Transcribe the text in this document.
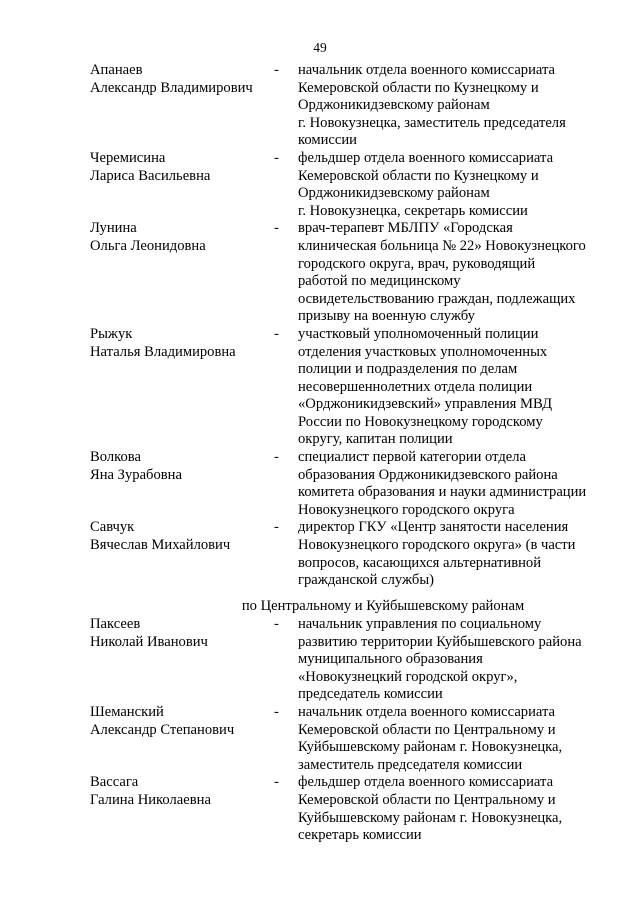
49
Апанаев
Александр Владимирович
-	начальник отдела военного комиссариата
Кемеровской области по Кузнецкому и
Орджоникидзевскому районам
г. Новокузнецка, заместитель председателя
комиссии
Черемисина
Лариса Васильевна
-	фельдшер отдела военного комиссариата
Кемеровской области по Кузнецкому и
Орджоникидзевскому районам
г. Новокузнецка, секретарь комиссии
Лунина
Ольга Леонидовна
-	врач-терапевт МБЛПУ «Городская
клиническая больница № 22» Новокузнецкого
городского округа, врач, руководящий
работой по медицинскому
освидетельствованию граждан, подлежащих
призыву на военную службу
Рыжук
Наталья Владимировна
-	участковый уполномоченный полиции
отделения участковых уполномоченных
полиции и подразделения по делам
несовершеннолетних отдела полиции
«Орджоникидзевский» управления МВД
России по Новокузнецкому городскому
округу, капитан полиции
Волкова
Яна Зурабовна
-	специалист первой категории отдела
образования Орджоникидзевского района
комитета образования и науки администрации
Новокузнецкого городского округа
Савчук
Вячеслав Михайлович
-	директор ГКУ «Центр занятости населения
Новокузнецкого городского округа» (в части
вопросов, касающихся альтернативной
гражданской службы)
по Центральному и Куйбышевскому районам
Паксеев
Николай Иванович
-	начальник управления по социальному
развитию территории Куйбышевского района
муниципального образования
«Новокузнецкий городской округ»,
председатель комиссии
Шеманский
Александр Степанович
-	начальник отдела военного комиссариата
Кемеровской области по Центральному и
Куйбышевскому районам г. Новокузнецка,
заместитель председателя комиссии
Вассага
Галина Николаевна
-	фельдшер отдела военного комиссариата
Кемеровской области по Центральному и
Куйбышевскому районам г. Новокузнецка,
секретарь комиссии
